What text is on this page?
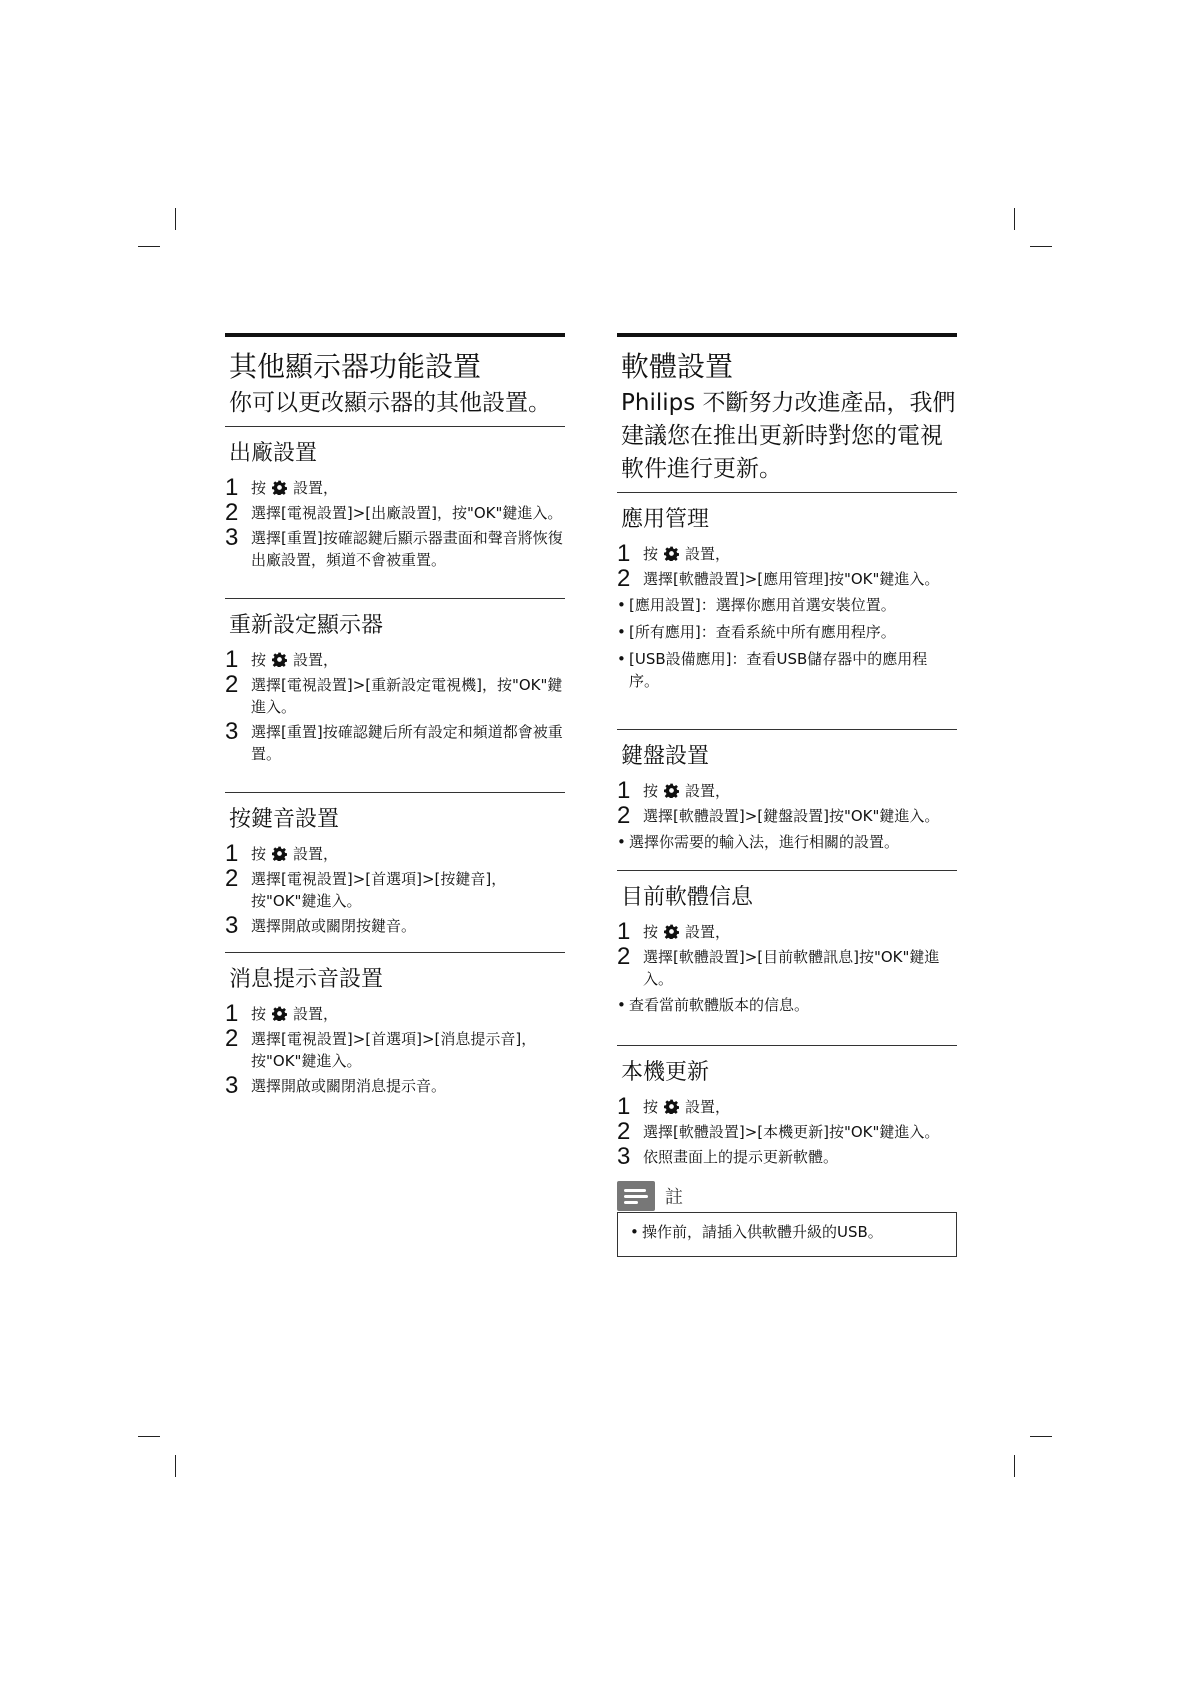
其他顯示器功能設置
你可以更改顯示器的其他設置。
出廠設置
1 按 設置，
2 選擇[電視設置]>[出廠設置]，按"OK"鍵進入。
3 選擇[重置]按確認鍵后顯示器畫面和聲音將恢復出廠設置，頻道不會被重置。
重新設定顯示器
1 按 設置，
2 選擇[電視設置]>[重新設定電視機]，按"OK"鍵進入。
3 選擇[重置]按確認鍵后所有設定和頻道都會被重置。
按鍵音設置
1 按 設置，
2 選擇[電視設置]>[首選項]>[按鍵音]，按"OK"鍵進入。
3 選擇開啟或關閉按鍵音。
消息提示音設置
1 按 設置，
2 選擇[電視設置]>[首選項]>[消息提示音]，按"OK"鍵進入。
3 選擇開啟或關閉消息提示音。
軟體設置
Philips 不斷努力改進產品，我們建議您在推出更新時對您的電視軟件進行更新。
應用管理
1 按 設置，
2 選擇[軟體設置]>[應用管理]按"OK"鍵進入。
• [應用設置]：選擇你應用首選安裝位置。
• [所有應用]：查看系統中所有應用程序。
• [USB設備應用]：查看USB儲存器中的應用程序。
鍵盤設置
1 按 設置，
2 選擇[軟體設置]>[鍵盤設置]按"OK"鍵進入。
• 選擇你需要的輸入法，進行相關的設置。
目前軟體信息
1 按 設置，
2 選擇[軟體設置]>[目前軟體訊息]按"OK"鍵進入。
• 查看當前軟體版本的信息。
本機更新
1 按 設置，
2 選擇[軟體設置]>[本機更新]按"OK"鍵進入。
3 依照畫面上的提示更新軟體。
註
• 操作前，請插入供軟體升級的USB。
